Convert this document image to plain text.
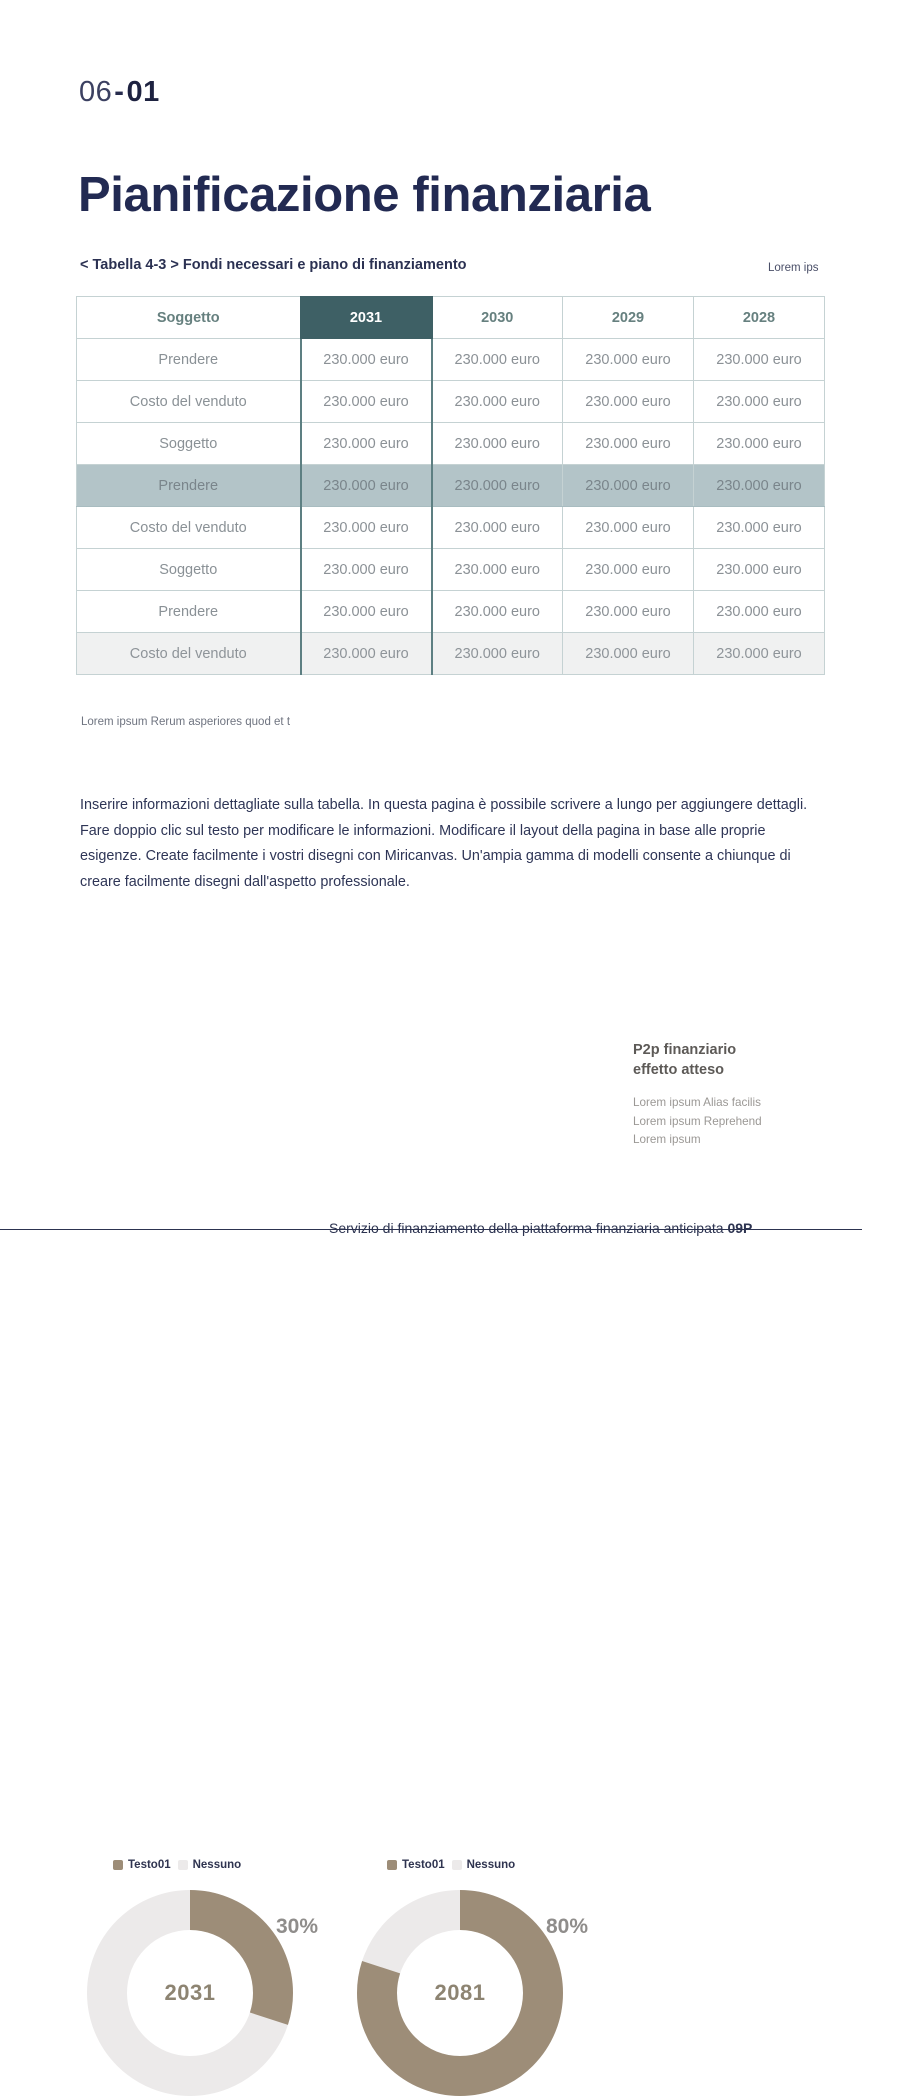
06-01
Pianificazione finanziaria
< Tabella 4-3 > Fondi necessari e piano di finanziamento	Lorem ips
Soggetto	2031	2030	2029	2028
Prendere	230.000 euro	230.000 euro	230.000 euro	230.000 euro
Costo del venduto	230.000 euro	230.000 euro	230.000 euro	230.000 euro
Soggetto	230.000 euro	230.000 euro	230.000 euro	230.000 euro
Prendere	230.000 euro	230.000 euro	230.000 euro	230.000 euro
Costo del venduto	230.000 euro	230.000 euro	230.000 euro	230.000 euro
Soggetto	230.000 euro	230.000 euro	230.000 euro	230.000 euro
Prendere	230.000 euro	230.000 euro	230.000 euro	230.000 euro
Costo del venduto	230.000 euro	230.000 euro	230.000 euro	230.000 euro
Lorem ipsum Rerum asperiores quod et t

Inserire informazioni dettagliate sulla tabella. In questa pagina è possibile scrivere a lungo per aggiungere dettagli. Fare doppio clic sul testo per modificare le informazioni. Modificare il layout della pagina in base alle proprie esigenze. Create facilmente i vostri disegni con Miricanvas. Un'ampia gamma di modelli consente a chiunque di creare facilmente disegni dall'aspetto professionale.

Testo01 Nessuno	Testo01 Nessuno
2031	2081
30%	80%
P2p finanziario
effetto atteso
Lorem ipsum Alias facilis
Lorem ipsum Reprehend
Lorem ipsum
Servizio di finanziamento della piattaforma finanziaria anticipata 09P
